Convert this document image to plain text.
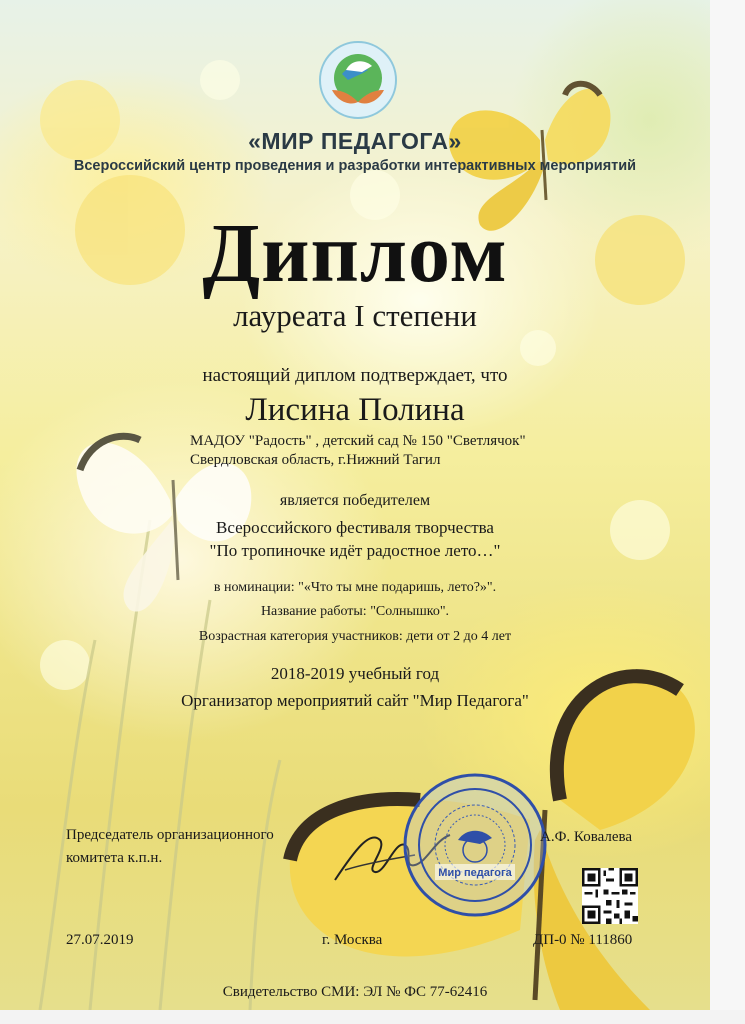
«МИР ПЕДАГОГА»
Всероссийский центр проведения и разработки интерактивных мероприятий
Диплом
лауреата I степени
настоящий диплом подтверждает, что
Лисина Полина
МАДОУ "Радость" , детский сад № 150 "Светлячок"
Свердловская область, г.Нижний Тагил
является победителем
Всероссийского фестиваля творчества
"По тропиночке идёт радостное лето…"
в номинации: "«Что ты мне подаришь, лето?»".
Название работы: "Солнышко".
Возрастная категория участников: дети от 2 до 4 лет
2018-2019 учебный год
Организатор мероприятий сайт "Мир Педагога"
Председатель организационного
комитета к.п.н.
Мир педагога
А.Ф. Ковалева
27.07.2019	г. Москва	ДП-0 № 111860
Свидетельство СМИ: ЭЛ № ФС 77-62416
